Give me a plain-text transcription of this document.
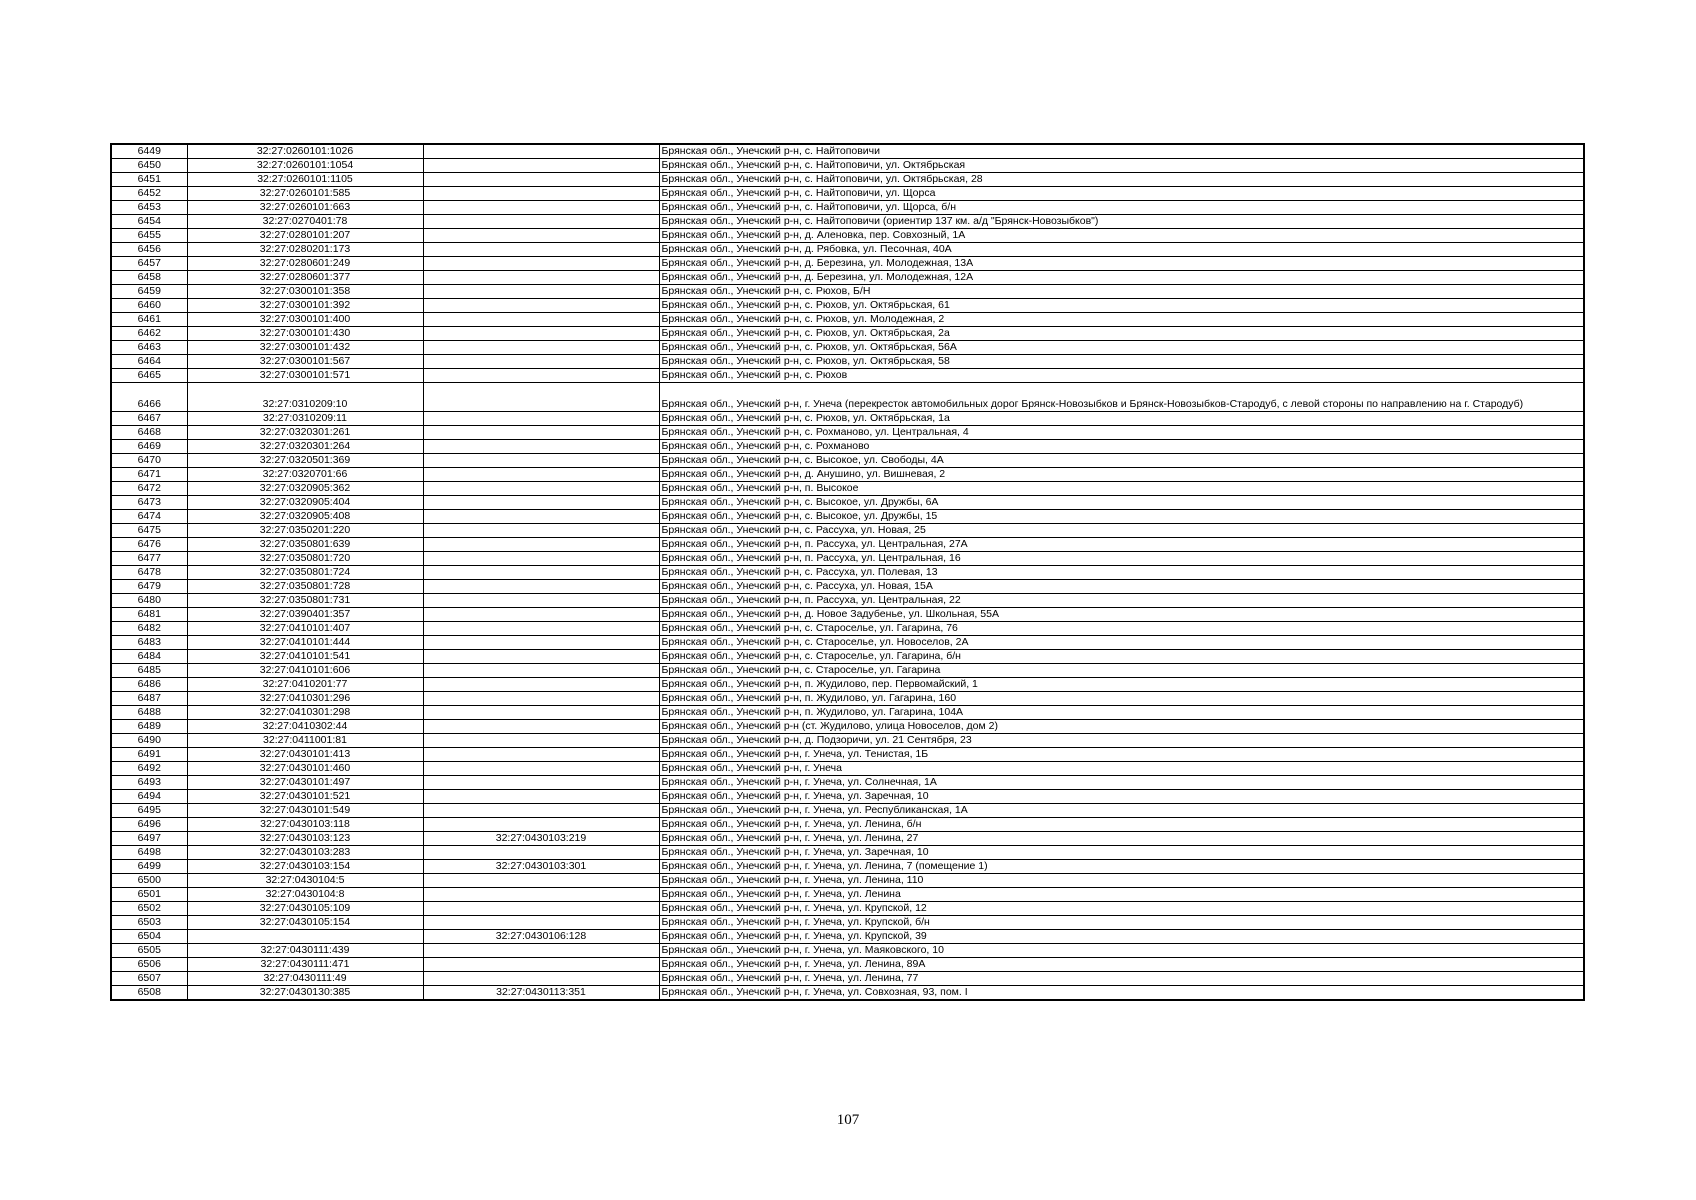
6449	32:27:0260101:1026		Брянская обл., Унечский р-н, с. Найтоповичи
6450	32:27:0260101:1054		Брянская обл., Унечский р-н, с. Найтоповичи, ул. Октябрьская
6451	32:27:0260101:1105		Брянская обл., Унечский р-н, с. Найтоповичи, ул. Октябрьская, 28
6452	32:27:0260101:585		Брянская обл., Унечский р-н, с. Найтоповичи, ул. Щорса
6453	32:27:0260101:663		Брянская обл., Унечский р-н, с. Найтоповичи, ул. Щорса, б/н
6454	32:27:0270401:78		Брянская обл., Унечский р-н, с. Найтоповичи (ориентир 137 км. а/д "Брянск-Новозыбков")
6455	32:27:0280101:207		Брянская обл., Унечский р-н, д. Аленовка, пер. Совхозный, 1А
6456	32:27:0280201:173		Брянская обл., Унечский р-н, д. Рябовка, ул. Песочная, 40А
6457	32:27:0280601:249		Брянская обл., Унечский р-н, д. Березина, ул. Молодежная, 13А
6458	32:27:0280601:377		Брянская обл., Унечский р-н, д. Березина, ул. Молодежная, 12А
6459	32:27:0300101:358		Брянская обл., Унечский р-н, с. Рюхов, Б/Н
6460	32:27:0300101:392		Брянская обл., Унечский р-н, с. Рюхов, ул. Октябрьская, 61
6461	32:27:0300101:400		Брянская обл., Унечский р-н, с. Рюхов, ул. Молодежная, 2
6462	32:27:0300101:430		Брянская обл., Унечский р-н, с. Рюхов, ул. Октябрьская, 2а
6463	32:27:0300101:432		Брянская обл., Унечский р-н, с. Рюхов, ул. Октябрьская, 56А
6464	32:27:0300101:567		Брянская обл., Унечский р-н, с. Рюхов, ул. Октябрьская, 58
6465	32:27:0300101:571		Брянская обл., Унечский р-н, с. Рюхов
6466	32:27:0310209:10		Брянская обл., Унечский р-н, г. Унеча (перекресток автомобильных дорог Брянск-Новозыбков и Брянск-Новозыбков-Стародуб, с левой стороны по направлению на г. Стародуб)
6467	32:27:0310209:11		Брянская обл., Унечский р-н, с. Рюхов, ул. Октябрьская, 1а
6468	32:27:0320301:261		Брянская обл., Унечский р-н, с. Рохманово, ул. Центральная, 4
6469	32:27:0320301:264		Брянская обл., Унечский р-н, с. Рохманово
6470	32:27:0320501:369		Брянская обл., Унечский р-н, с. Высокое, ул. Свободы, 4А
6471	32:27:0320701:66		Брянская обл., Унечский р-н, д. Анушино, ул. Вишневая, 2
6472	32:27:0320905:362		Брянская обл., Унечский р-н, п. Высокое
6473	32:27:0320905:404		Брянская обл., Унечский р-н, с. Высокое, ул. Дружбы, 6А
6474	32:27:0320905:408		Брянская обл., Унечский р-н, с. Высокое, ул. Дружбы, 15
6475	32:27:0350201:220		Брянская обл., Унечский р-н, с. Рассуха, ул. Новая, 25
6476	32:27:0350801:639		Брянская обл., Унечский р-н, п. Рассуха, ул. Центральная, 27А
6477	32:27:0350801:720		Брянская обл., Унечский р-н, п. Рассуха, ул. Центральная, 16
6478	32:27:0350801:724		Брянская обл., Унечский р-н, с. Рассуха, ул. Полевая, 13
6479	32:27:0350801:728		Брянская обл., Унечский р-н, с. Рассуха, ул. Новая, 15А
6480	32:27:0350801:731		Брянская обл., Унечский р-н, п. Рассуха, ул. Центральная, 22
6481	32:27:0390401:357		Брянская обл., Унечский р-н, д. Новое Задубенье, ул. Школьная, 55А
6482	32:27:0410101:407		Брянская обл., Унечский р-н, с. Старосельe, ул. Гагарина, 76
6483	32:27:0410101:444		Брянская обл., Унечский р-н, с. Старосельe, ул. Новоселов, 2А
6484	32:27:0410101:541		Брянская обл., Унечский р-н, с. Старосельe, ул. Гагарина, б/н
6485	32:27:0410101:606		Брянская обл., Унечский р-н, с. Старосельe, ул. Гагарина
6486	32:27:0410201:77		Брянская обл., Унечский р-н, п. Жудилово, пер. Первомайский, 1
6487	32:27:0410301:296		Брянская обл., Унечский р-н, п. Жудилово, ул. Гагарина, 160
6488	32:27:0410301:298		Брянская обл., Унечский р-н, п. Жудилово, ул. Гагарина, 104А
6489	32:27:0410302:44		Брянская обл., Унечский р-н (ст. Жудилово, улица Новоселов, дом 2)
6490	32:27:0411001:81		Брянская обл., Унечский р-н, д. Подзоричи, ул. 21 Сентября, 23
6491	32:27:0430101:413		Брянская обл., Унечский р-н, г. Унеча, ул. Тенистая, 1Б
6492	32:27:0430101:460		Брянская обл., Унечский р-н, г. Унеча
6493	32:27:0430101:497		Брянская обл., Унечский р-н, г. Унеча, ул. Солнечная, 1А
6494	32:27:0430101:521		Брянская обл., Унечский р-н, г. Унеча, ул. Заречная, 10
6495	32:27:0430101:549		Брянская обл., Унечский р-н, г. Унеча, ул. Республиканская, 1А
6496	32:27:0430103:118		Брянская обл., Унечский р-н, г. Унеча, ул. Ленина, б/н
6497	32:27:0430103:123	32:27:0430103:219	Брянская обл., Унечский р-н, г. Унеча, ул. Ленина, 27
6498	32:27:0430103:283		Брянская обл., Унечский р-н, г. Унеча, ул. Заречная, 10
6499	32:27:0430103:154	32:27:0430103:301	Брянская обл., Унечский р-н, г. Унеча, ул. Ленина, 7 (помещение 1)
6500	32:27:0430104:5		Брянская обл., Унечский р-н, г. Унеча, ул. Ленина, 110
6501	32:27:0430104:8		Брянская обл., Унечский р-н, г. Унеча, ул. Ленина
6502	32:27:0430105:109		Брянская обл., Унечский р-н, г. Унеча, ул. Крупской, 12
6503	32:27:0430105:154		Брянская обл., Унечский р-н, г. Унеча, ул. Крупской, б/н
6504		32:27:0430106:128	Брянская обл., Унечский р-н, г. Унеча, ул. Крупской, 39
6505	32:27:0430111:439		Брянская обл., Унечский р-н, г. Унеча, ул. Маяковского, 10
6506	32:27:0430111:471		Брянская обл., Унечский р-н, г. Унеча, ул. Ленина, 89А
6507	32:27:0430111:49		Брянская обл., Унечский р-н, г. Унеча, ул. Ленина, 77
6508	32:27:0430130:385	32:27:0430113:351	Брянская обл., Унечский р-н, г. Унеча, ул. Совхозная, 93, пом. I
107
